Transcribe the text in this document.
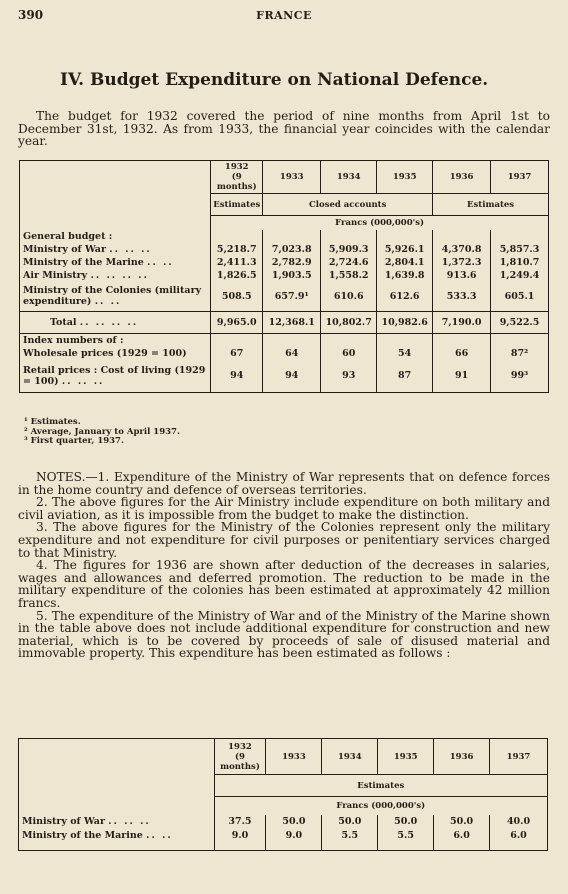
390	FRANCE
IV. Budget Expenditure on National Defence.
The budget for 1932 covered the period of nine months from April 1st to December 31st, 1932. As from 1933, the financial year coincides with the calendar year.
	1932
(9 months)	1933	1934	1935	1936	1937
	Estimates	Closed accounts			Estimates	
	Francs (000,000's)					
General budget :						
Ministry of War .. .. ..	5,218.7	7,023.8	5,909.3	5,926.1	4,370.8	5,857.3
Ministry of the Marine .. ..	2,411.3	2,782.9	2,724.6	2,804.1	1,372.3	1,810.7
Air Ministry .. .. .. ..	1,826.5	1,903.5	1,558.2	1,639.8	913.6	1,249.4
Ministry of the Colonies (military expenditure) .. ..	508.5	657.9¹	610.6	612.6	533.3	605.1
Total .. .. .. ..	9,965.0	12,368.1	10,802.7	10,982.6	7,190.0	9,522.5
Index numbers of :						
Wholesale prices (1929 = 100)	67	64	60	54	66	87²
Retail prices : Cost of living (1929 = 100) .. .. ..	94	94	93	87	91	99³
¹ Estimates.
² Average, January to April 1937.
³ First quarter, 1937.

NOTES.—1. Expenditure of the Ministry of War represents that on defence forces in the home country and defence of overseas territories.

2. The above figures for the Air Ministry include expenditure on both military and civil aviation, as it is impossible from the budget to make the distinction.

3. The above figures for the Ministry of the Colonies represent only the military expenditure and not expenditure for civil purposes or penitentiary services charged to that Ministry.

4. The figures for 1936 are shown after deduction of the decreases in salaries, wages and allowances and deferred promotion. The reduction to be made in the military expenditure of the colonies has been estimated at approximately 42 million francs.

5. The expenditure of the Ministry of War and of the Ministry of the Marine shown in the table above does not include additional expenditure for construction and new material, which is to be covered by proceeds of sale of disused material and immovable property. This expenditure has been estimated as follows :

	1932
(9 months)	1933	1934	1935	1936	1937
	Estimates					
	Francs (000,000's)					
Ministry of War .. .. ..	37.5	50.0	50.0	50.0	50.0	40.0
Ministry of the Marine .. ..	9.0	9.0	5.5	5.5	6.0	6.0
